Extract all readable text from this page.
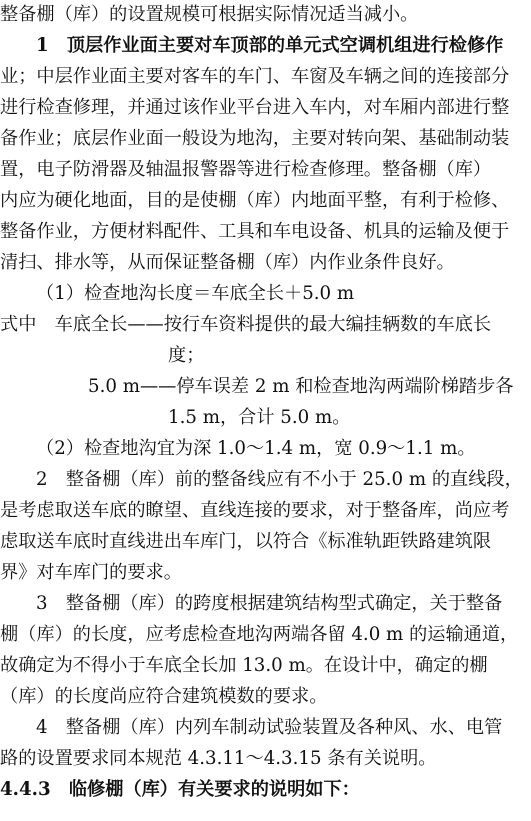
整备棚（库）的设置规模可根据实际情况适当减小。
1　顶层作业面主要对车顶部的单元式空调机组进行检修作
业；中层作业面主要对客车的车门、车窗及车辆之间的连接部分
进行检查修理，并通过该作业平台进入车内，对车厢内部进行整
备作业；底层作业面一般设为地沟，主要对转向架、基础制动装
置，电子防滑器及轴温报警器等进行检查修理。整备棚（库）
内应为硬化地面，目的是使棚（库）内地面平整，有利于检修、
整备作业，方便材料配件、工具和车电设备、机具的运输及便于
清扫、排水等，从而保证整备棚（库）内作业条件良好。
（1）检查地沟长度＝车底全长＋5.0 m
式中　车底全长——按行车资料提供的最大编挂辆数的车底长
度；
5.0 m——停车误差 2 m 和检查地沟两端阶梯踏步各
1.5 m，合计 5.0 m。
（2）检查地沟宜为深 1.0～1.4 m，宽 0.9～1.1 m。
2　整备棚（库）前的整备线应有不小于 25.0 m 的直线段，
是考虑取送车底的瞭望、直线连接的要求，对于整备库，尚应考
虑取送车底时直线进出车库门，以符合《标准轨距铁路建筑限
界》对车库门的要求。
3　整备棚（库）的跨度根据建筑结构型式确定，关于整备
棚（库）的长度，应考虑检查地沟两端各留 4.0 m 的运输通道，
故确定为不得小于车底全长加 13.0 m。在设计中，确定的棚
（库）的长度尚应符合建筑模数的要求。
4　整备棚（库）内列车制动试验装置及各种风、水、电管
路的设置要求同本规范 4.3.11～4.3.15 条有关说明。
4.4.3　临修棚（库）有关要求的说明如下：
